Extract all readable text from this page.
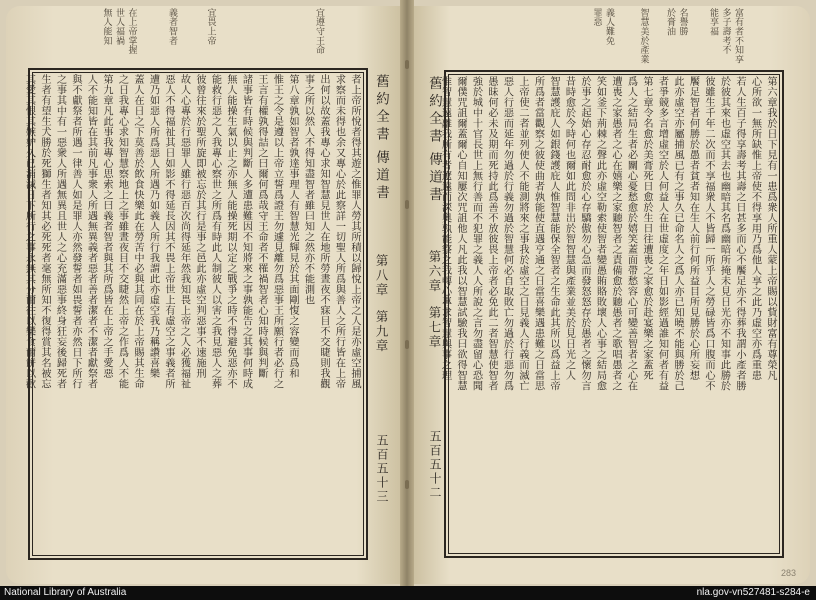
宜遵守王命
宜畏上帝
義者智者
在上帝掌握
世人福禍
無人能知
者上帝所悅者得其遊之惟罪人勞其所積以歸悅上帝之人是亦虛空捕風
求察而未得也余又專心於此察詳一切聖人所爲與善人之所行皆在上帝
出何以故蓋我專心求知智慧見世人在地所勞晝夜不寐目不交睫則我觀
事之所以然人不得知盡智者雖曰知之然亦不能測也
第八章孰如智者孰達事理人有智慧光輝見於其面剛愎之容變而爲和
惟王之令是遵以上帝立誓爲證王勿遽見離勿爲惡事王所願行者必行之
王言有權孰得詰之曰爾何爲哉守王命者不罹禍智者心知時候與判斷
諸事皆有時候與判斷人多遭患難因不知將來之事孰能告之其事何時成
無人能操生氣以止之亦無人能操死期以定之戰爭之時不得避免惡亦不
能救行惡之人我專心察世之所爲有時此人制彼人以害之我見惡人之葬
彼曾往來於聖所旋即被忘於其行是事之邑此亦虛空判惡事不速施刑
故人心專於行惡罪人雖行惡百次尚得延年然我知畏上帝之人必獲福祉
惡人不得福祉其日如影不得延長因其不畏上帝世上有虛空之事義者所
遭乃如惡人所爲惡人所遇乃如義人所行我謂此亦虛空我乃稱讚喜樂
蓋人在日之下莫善於飲食快樂此在勞苦中必與其同在於上帝賜其生命
之日我專心求知智慧察地上之事雖晝夜目不交睫然上帝之作爲人不能
第九章凡此事我專心思索之曰義者智者與其所爲皆在上帝之手愛惡
人不能知皆在其前凡事衆人所遇無異義者惡者善者潔者不潔者獻祭者
與不獻祭者所遇一律善人如是罪人亦然發誓者如畏誓者亦然日下所行
之事其中有一惡衆人所遇無異且世人之心充滿惡事終身狂妄後歸死者
生者有望生犬勝於死獅生者知其必死死者毫無所知不復得賞其名被忘
其愛其恨其嫉妒久已消滅日下所行之事永無其分爾往以樂食爾餅以歡	舊約全書
傳道書
第八章
第九章
五百五十三
富有者不知享
多子壽考不
能享福
名譽勝
於膏油
智慧美於產業
義人難免
罪惡
第六章我於日下見有一患爲衆人所重人蒙上帝賜以貲財富有尊榮凡
心所欲一無所缺惟上帝使不得享用乃爲他人享之此乃虛空亦爲重患
若人生百子得享壽考其壽之日甚多而心不饜足亦不得葬我謂小產者勝
於彼其來也虛空其去也幽暗其名爲幽暗所掩未見日光亦不知事此勝於
彼雖生千年二次而不享福衆人不皆歸一所乎人之勞碌皆爲口腹而心不
饜足智者何勝於愚者貧者知在生人前行何所益目所見勝於心所妄想
此亦虛空亦屬捕風已有之事久已命名人之爲人亦已知曉不能與勝於己
者爭競多言增虛空於人何益人在世虛度之年日如影經過誰知何者有益
第七章令名愈於美膏死日愈於生日往遭喪之家愈於赴宴樂之家蓋死
爲人之結局生者必關心憂愁愈於嬉笑蓋面帶愁容心可變善智者之心在
遭喪之家愚者之心在嬉樂之家聽智者之責備愈於聽愚者之歌唱愚者之
笑如釜下荊棘之聲此亦虛空勒索使智者變愚賄賂敗壞人心事之結局愈
於事之起始心存忍耐愈於心存驕傲勿心急而發怒怒存於愚者之懷勿言
昔時愈於今時何也爾如此問非出於智智慧與產業並美於見日光之人
智慧護庇人如銀錢護庇人惟智慧能保全智者之生命此其所以爲益上帝
所爲者當觀察之彼使曲者孰能使直遇亨通之日當喜樂遇患難之日當思
上帝使二者並列使人不能測將來之事我於虛空之日見義人行義而滅亡
惡人行惡而延年勿過於行義勿過於智慧何必自取敗亡勿過於行惡勿爲
愚昧何必未及期而死持此爲善不放彼畏上帝者必免此二者智慧使智者
強於城中十官長世上無行善而不犯罪之義人人所說之言勿盡留心恐聞
爾僕咒詛爾蓋爾心自知屢次咒詛他人凡此我以智慧試驗我曰欲得智慧
惟智慧遠離我所有者遼遠而深奧孰能察之我轉心專求智慧與事之理
舊約全書
傳道書
第六章
第七章
五百五十二
283
National Library of Australia	nla.gov-vn527481-s284-e
